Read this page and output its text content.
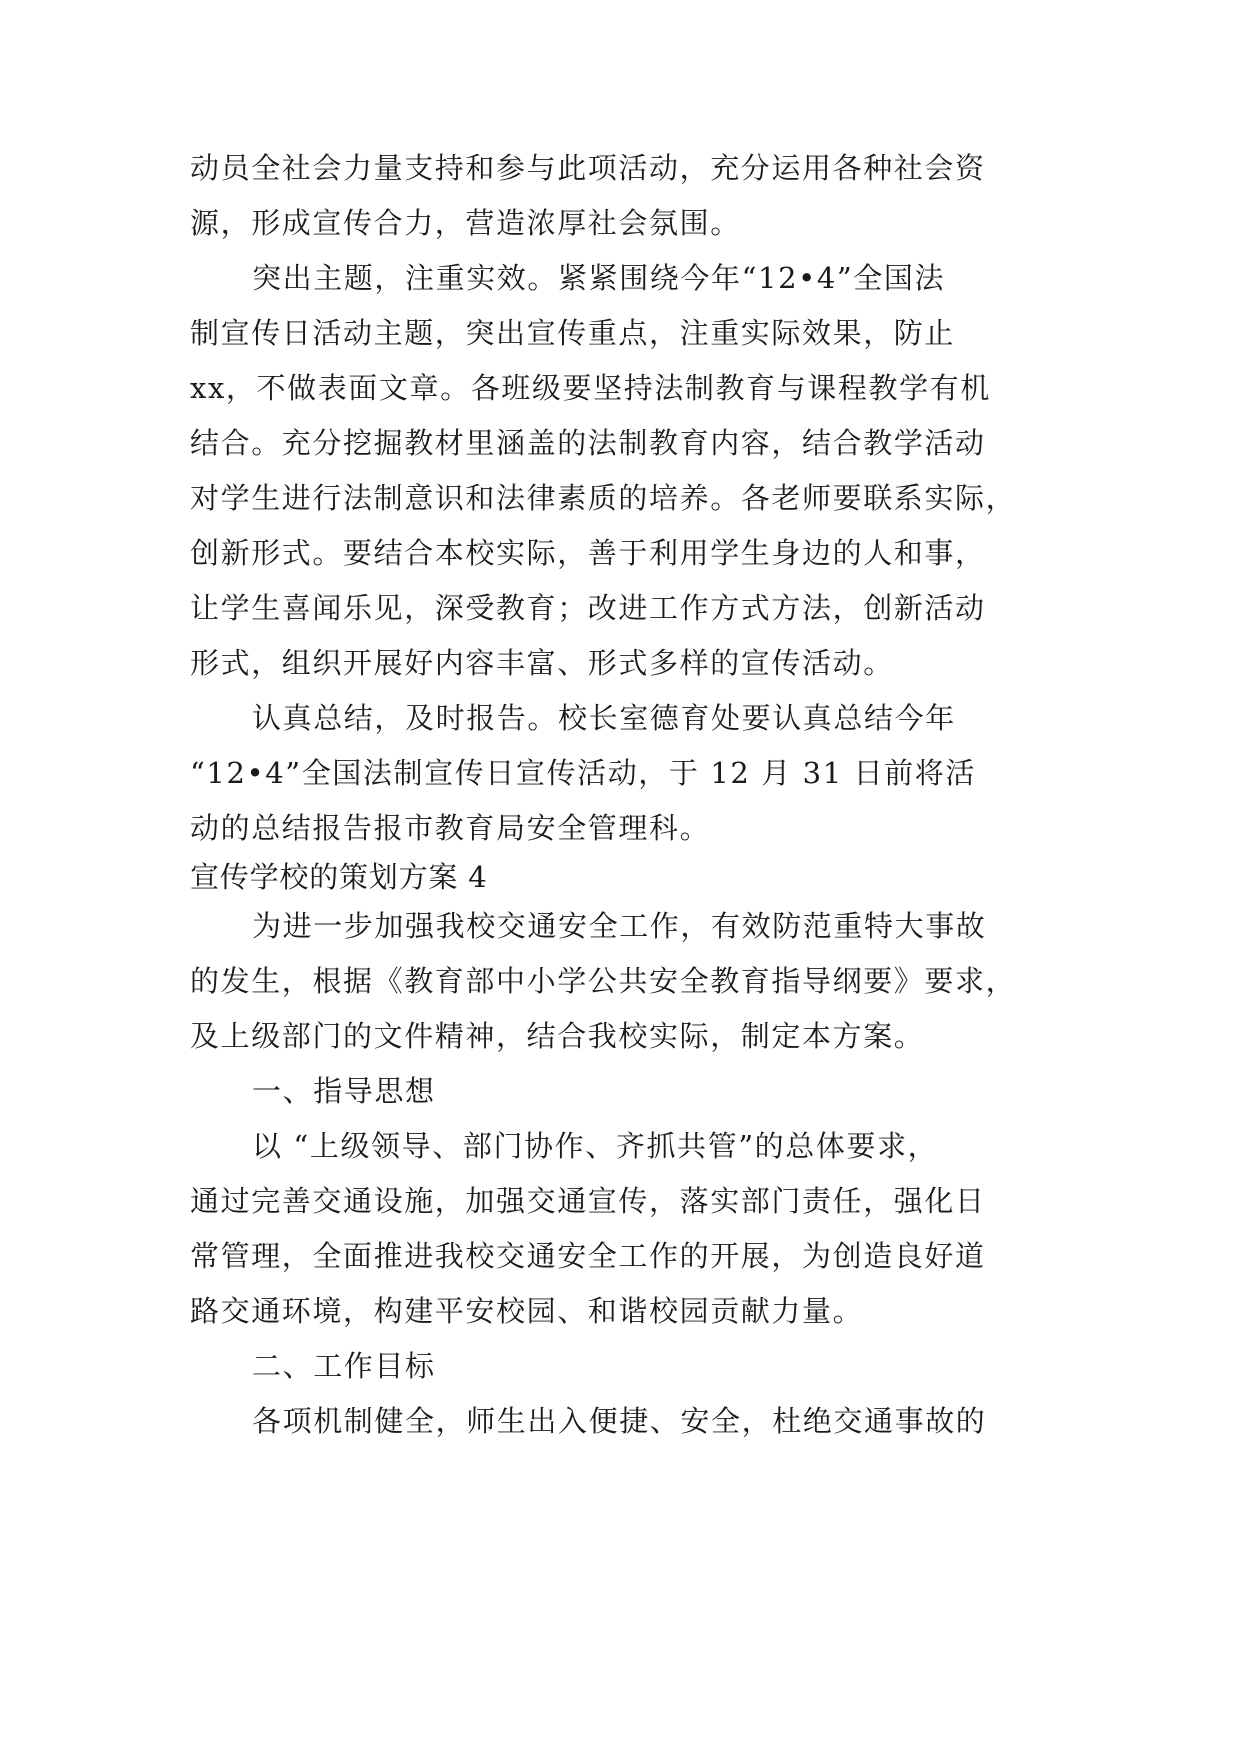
动员全社会力量支持和参与此项活动，充分运用各种社会资
源，形成宣传合力，营造浓厚社会氛围。
突出主题，注重实效。紧紧围绕今年“12•4”全国法
制宣传日活动主题，突出宣传重点，注重实际效果，防止
xx，不做表面文章。各班级要坚持法制教育与课程教学有机
结合。充分挖掘教材里涵盖的法制教育内容，结合教学活动
对学生进行法制意识和法律素质的培养。各老师要联系实际，
创新形式。要结合本校实际，善于利用学生身边的人和事，
让学生喜闻乐见，深受教育；改进工作方式方法，创新活动
形式，组织开展好内容丰富、形式多样的宣传活动。
认真总结，及时报告。校长室德育处要认真总结今年
“12•4”全国法制宣传日宣传活动，于 12 月 31 日前将活
动的总结报告报市教育局安全管理科。
宣传学校的策划方案 4
为进一步加强我校交通安全工作，有效防范重特大事故
的发生，根据《教育部中小学公共安全教育指导纲要》要求，
及上级部门的文件精神，结合我校实际，制定本方案。
一、指导思想
以 “上级领导、部门协作、齐抓共管”的总体要求，
通过完善交通设施，加强交通宣传，落实部门责任，强化日
常管理，全面推进我校交通安全工作的开展，为创造良好道
路交通环境，构建平安校园、和谐校园贡献力量。
二、工作目标
各项机制健全，师生出入便捷、安全，杜绝交通事故的
